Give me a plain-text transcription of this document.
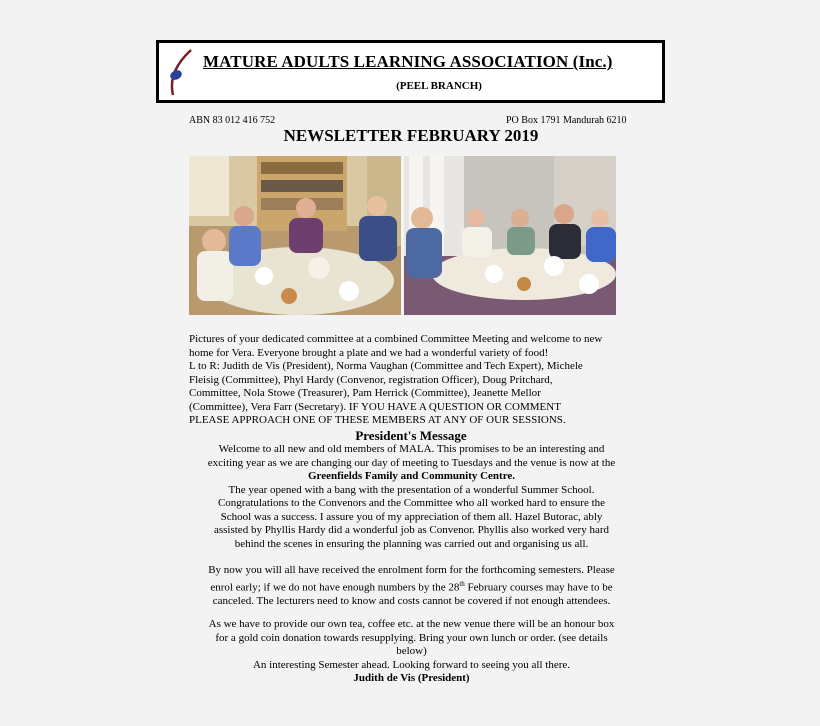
MATURE ADULTS LEARNING ASSOCIATION (Inc.)
(PEEL BRANCH)
ABN 83 012 416 752	PO Box 1791 Mandurah 6210
NEWSLETTER FEBRUARY 2019
Pictures of your dedicated committee at a combined Committee Meeting and welcome to new
home for Vera. Everyone brought a plate and we had a wonderful variety of food!
L to R: Judith de Vis (President), Norma Vaughan (Committee and Tech Expert), Michele
Fleisig (Committee), Phyl Hardy (Convenor, registration Officer), Doug Pritchard,
Committee, Nola Stowe (Treasurer), Pam Herrick (Committee), Jeanette Mellor
(Committee), Vera Farr (Secretary). IF YOU HAVE A QUESTION OR COMMENT
PLEASE APPROACH ONE OF THESE MEMBERS AT ANY OF OUR SESSIONS.
President's Message
Welcome to all new and old members of MALA. This promises to be an interesting and
exciting year as we are changing our day of meeting to Tuesdays and the venue is now at the
Greenfields Family and Community Centre.
The year opened with a bang with the presentation of a wonderful Summer School.
Congratulations to the Convenors and the Committee who all worked hard to ensure the
School was a success. I assure you of my appreciation of them all. Hazel Butorac, ably
assisted by Phyllis Hardy did a wonderful job as Convenor. Phyllis also worked very hard
behind the scenes in ensuring the planning was carried out and organising us all.
By now you will all have received the enrolment form for the forthcoming semesters. Please
enrol early; if we do not have enough numbers by the 28th February courses may have to be
canceled. The lecturers need to know and costs cannot be covered if not enough attendees.
As we have to provide our own tea, coffee etc. at the new venue there will be an honour box
for a gold coin donation towards resupplying. Bring your own lunch or order. (see details
below)
An interesting Semester ahead. Looking forward to seeing you all there.
Judith de Vis (President)
